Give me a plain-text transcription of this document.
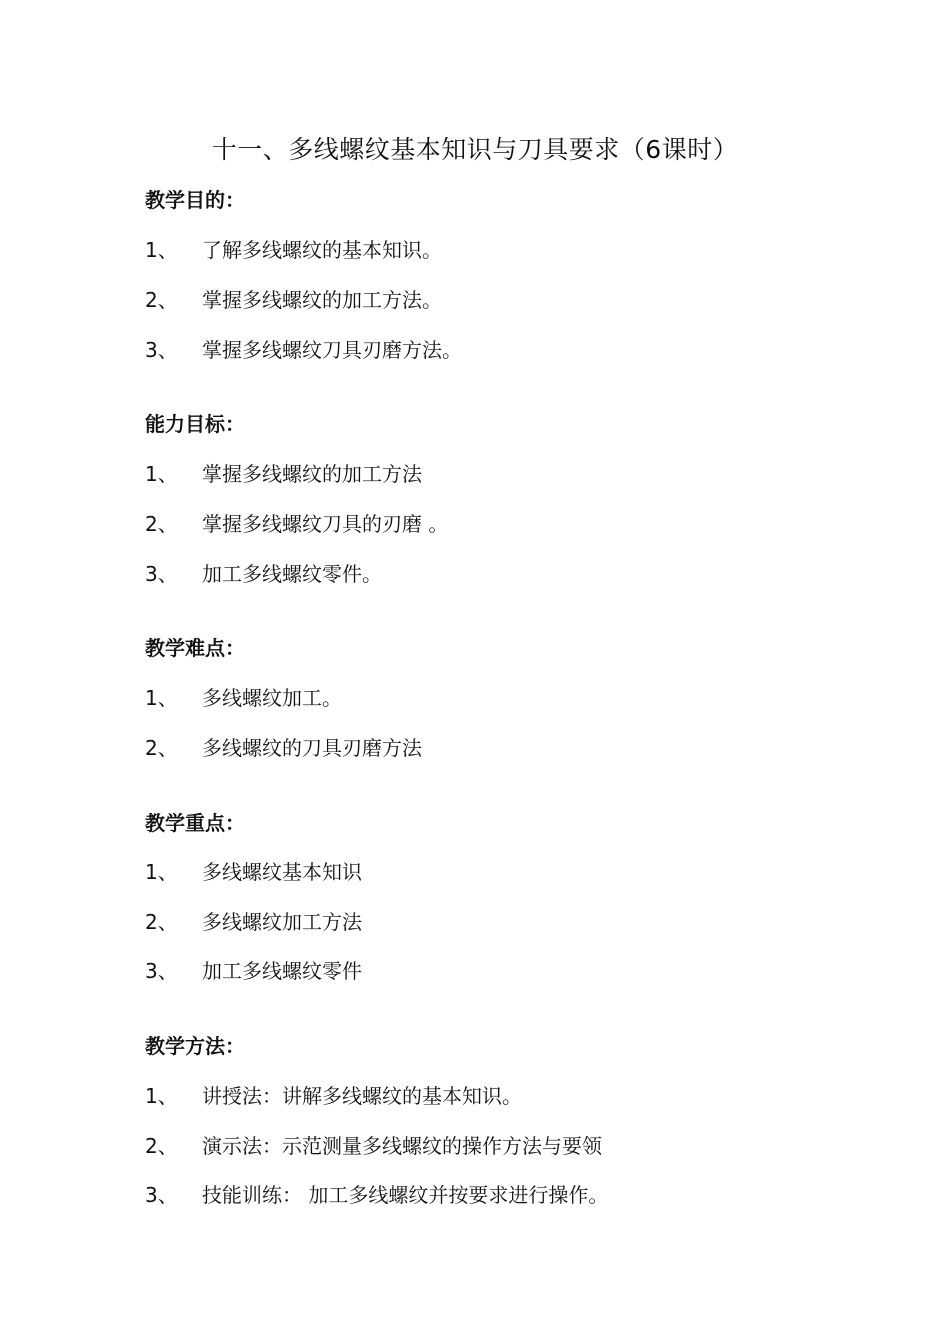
十一、多线螺纹基本知识与刀具要求（6课时）
教学目的：
1、 了解多线螺纹的基本知识。
2、 掌握多线螺纹的加工方法。
3、 掌握多线螺纹刀具刃磨方法。
能力目标：
1、 掌握多线螺纹的加工方法
2、 掌握多线螺纹刀具的刃磨 。
3、 加工多线螺纹零件。
教学难点：
1、 多线螺纹加工。
2、 多线螺纹的刀具刃磨方法
教学重点：
1、 多线螺纹基本知识
2、 多线螺纹加工方法
3、 加工多线螺纹零件
教学方法：
1、 讲授法：讲解多线螺纹的基本知识。
2、 演示法：示范测量多线螺纹的操作方法与要领
3、 技能训练： 加工多线螺纹并按要求进行操作。
